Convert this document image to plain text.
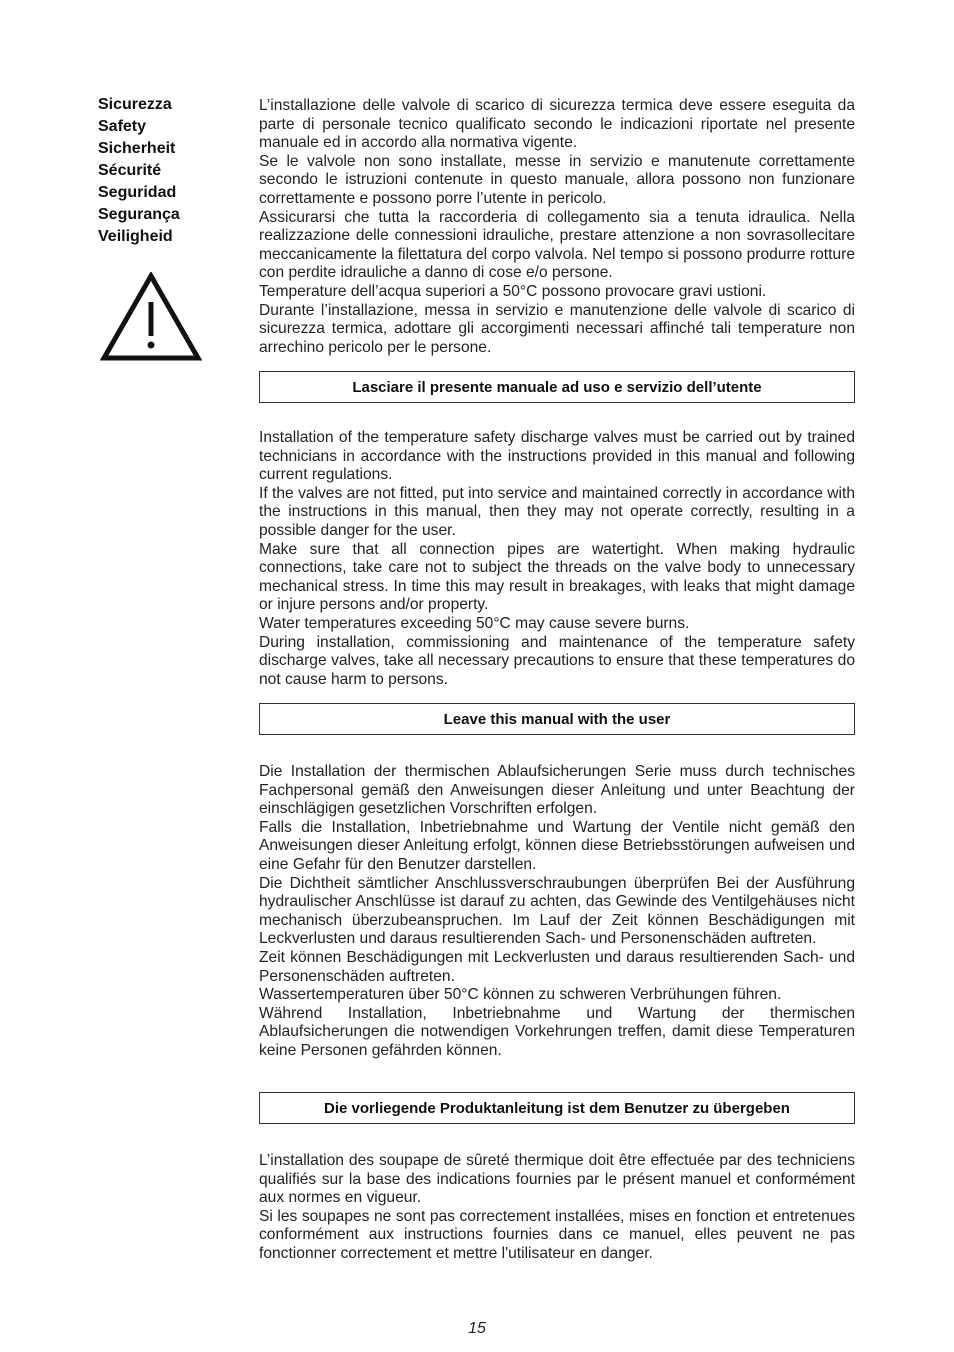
Sicurezza
Safety
Sicherheit
Sécurité
Seguridad
Segurança
Veiligheid

L’installazione delle valvole di scarico di sicurezza termica deve essere eseguita da parte di personale tecnico qualificato secondo le indicazioni riportate nel presente manuale ed in accordo alla normativa vigente.

Se le valvole non sono installate, messe in servizio e manutenute correttamente secondo le istruzioni contenute in questo manuale, allora possono non funzionare correttamente e possono porre l’utente in pericolo.

Assicurarsi che tutta la raccorderia di collegamento sia a tenuta idraulica. Nella realizzazione delle connessioni idrauliche, prestare attenzione a non sovrasollecitare meccanicamente la filettatura del corpo valvola. Nel tempo si possono produrre rotture con perdite idrauliche a danno di cose e/o persone.

Temperature dell’acqua superiori a 50°C possono provocare gravi ustioni.

Durante l’installazione, messa in servizio e manutenzione delle valvole di scarico di sicurezza termica, adottare gli accorgimenti necessari affinché tali temperature non arrechino pericolo per le persone.

Lasciare il presente manuale ad uso e servizio dell’utente

Installation of the temperature safety discharge valves must be carried out by trained technicians in accordance with the instructions provided in this manual and following current regulations.

If the valves are not fitted, put into service and maintained correctly in accordance with the instructions in this manual, then they may not operate correctly, resulting in a possible danger for the user.

Make sure that all connection pipes are watertight. When making hydraulic connections, take care not to subject the threads on the valve body to unnecessary mechanical stress. In time this may result in breakages, with leaks that might damage or injure persons and/or property.

Water temperatures exceeding 50°C may cause severe burns.

During installation, commissioning and maintenance of the temperature safety discharge valves, take all necessary precautions to ensure that these temperatures do not cause harm to persons.

Leave this manual with the user

Die Installation der thermischen Ablaufsicherungen Serie muss durch technisches Fachpersonal gemäß den Anweisungen dieser Anleitung und unter Beachtung der einschlägigen gesetzlichen Vorschriften erfolgen.

Falls die Installation, Inbetriebnahme und Wartung der Ventile nicht gemäß den Anweisungen dieser Anleitung erfolgt, können diese Betriebsstörungen aufweisen und eine Gefahr für den Benutzer darstellen.

Die Dichtheit sämtlicher Anschlussverschraubungen überprüfen Bei der Ausführung hydraulischer Anschlüsse ist darauf zu achten, das Gewinde des Ventilgehäuses nicht mechanisch überzubeanspruchen. Im Lauf der Zeit können Beschädigungen mit Leckverlusten und daraus resultierenden Sach- und Personenschäden auftreten.

Zeit können Beschädigungen mit Leckverlusten und daraus resultierenden Sach- und Personenschäden auftreten.

Wassertemperaturen über 50°C können zu schweren Verbrühungen führen.

Während Installation, Inbetriebnahme und Wartung der thermischen Ablaufsicherungen die notwendigen Vorkehrungen treffen, damit diese Temperaturen keine Personen gefährden können.

Die vorliegende Produktanleitung ist dem Benutzer zu übergeben

L’installation des soupape de sûreté thermique doit être effectuée par des techniciens qualifiés sur la base des indications fournies par le présent manuel et conformément aux normes en vigueur.

Si les soupapes ne sont pas correctement installées, mises en fonction et entretenues conformément aux instructions fournies dans ce manuel, elles peuvent ne pas fonctionner correctement et mettre l'utilisateur en danger.

15
